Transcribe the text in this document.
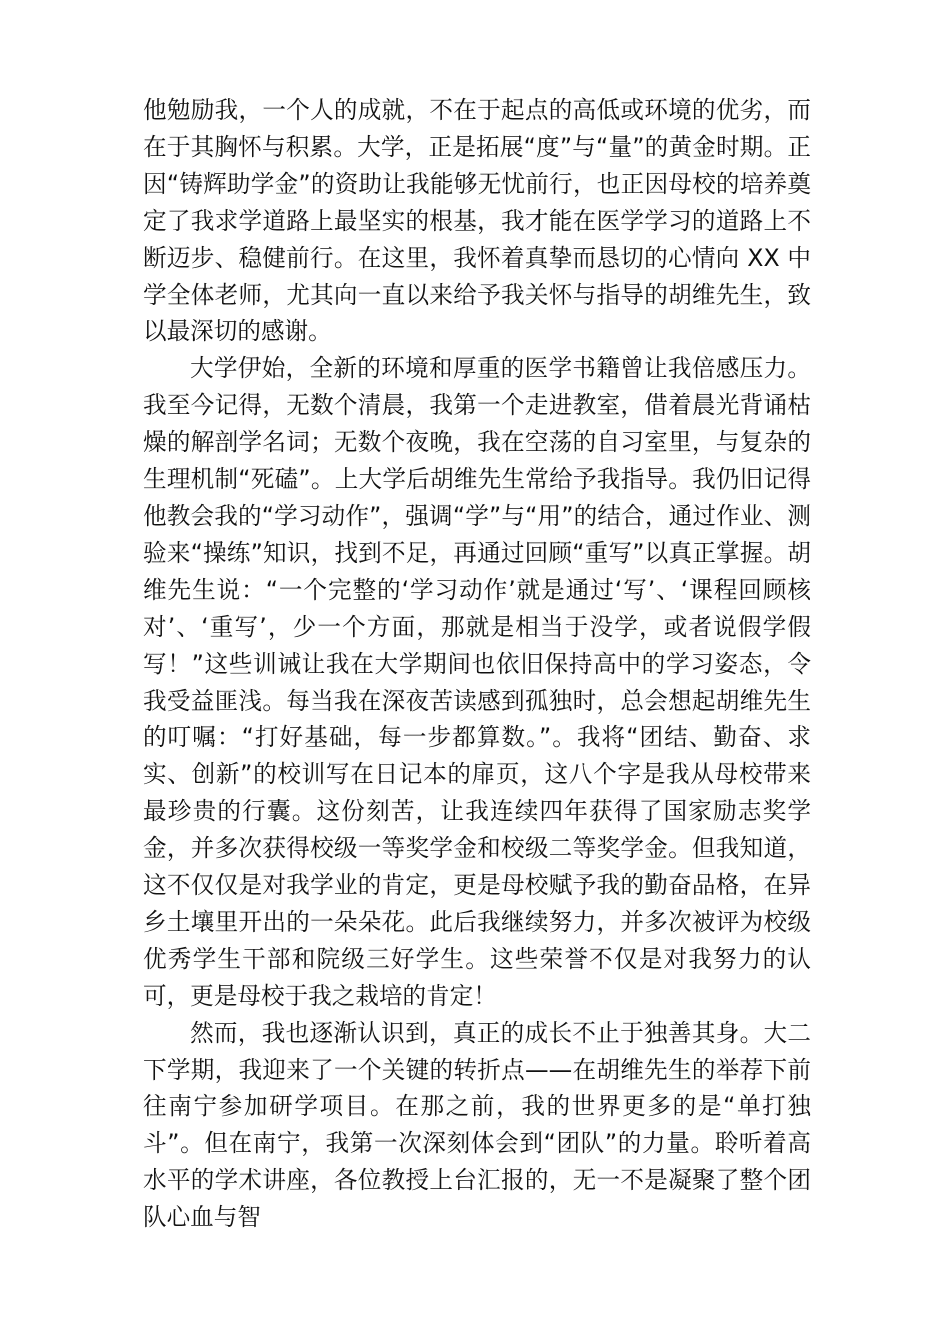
他勉励我，一个人的成就，不在于起点的高低或环境的优劣，而在于其胸怀与积累。大学，正是拓展“度”与“量”的黄金时期。正因“铸辉助学金”的资助让我能够无忧前行，也正因母校的培养奠定了我求学道路上最坚实的根基，我才能在医学学习的道路上不断迈步、稳健前行。在这里，我怀着真挚而恳切的心情向 XX 中学全体老师，尤其向一直以来给予我关怀与指导的胡维先生，致以最深切的感谢。

大学伊始，全新的环境和厚重的医学书籍曾让我倍感压力。我至今记得，无数个清晨，我第一个走进教室，借着晨光背诵枯燥的解剖学名词；无数个夜晚，我在空荡的自习室里，与复杂的生理机制“死磕”。上大学后胡维先生常给予我指导。我仍旧记得他教会我的“学习动作”，强调“学”与“用”的结合，通过作业、测验来“操练”知识，找到不足，再通过回顾“重写”以真正掌握。胡维先生说：“一个完整的‘学习动作’就是通过‘写’、‘课程回顾核对’、‘重写’，少一个方面，那就是相当于没学，或者说假学假写！”这些训诫让我在大学期间也依旧保持高中的学习姿态，令我受益匪浅。每当我在深夜苦读感到孤独时，总会想起胡维先生的叮嘱：“打好基础，每一步都算数。”。我将“团结、勤奋、求实、创新”的校训写在日记本的扉页，这八个字是我从母校带来最珍贵的行囊。这份刻苦，让我连续四年获得了国家励志奖学金，并多次获得校级一等奖学金和校级二等奖学金。但我知道，这不仅仅是对我学业的肯定，更是母校赋予我的勤奋品格，在异乡土壤里开出的一朵朵花。此后我继续努力，并多次被评为校级优秀学生干部和院级三好学生。这些荣誉不仅是对我努力的认可，更是母校于我之栽培的肯定！

然而，我也逐渐认识到，真正的成长不止于独善其身。大二下学期，我迎来了一个关键的转折点——在胡维先生的举荐下前往南宁参加研学项目。在那之前，我的世界更多的是“单打独斗”。但在南宁，我第一次深刻体会到“团队”的力量。聆听着高水平的学术讲座，各位教授上台汇报的，无一不是凝聚了整个团队心血与智
